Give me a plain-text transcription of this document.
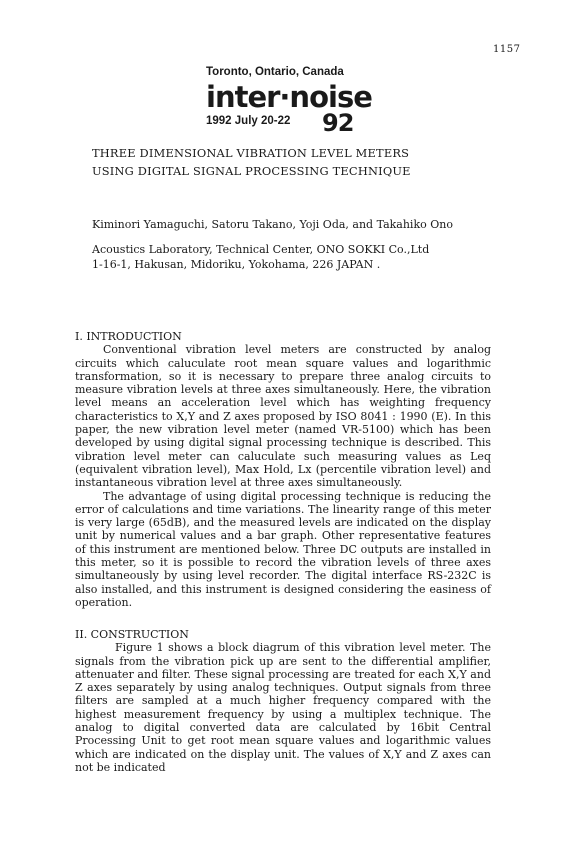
1157
Toronto, Ontario, Canada
inter·noise
1992 July 20-22 92
THREE DIMENSIONAL VIBRATION LEVEL METERS
USING DIGITAL SIGNAL PROCESSING TECHNIQUE
Kiminori Yamaguchi, Satoru Takano, Yoji Oda, and Takahiko Ono
Acoustics Laboratory, Technical Center, ONO SOKKI Co.,Ltd
1-16-1, Hakusan, Midoriku, Yokohama, 226 JAPAN .

I. INTRODUCTION

Conventional vibration level meters are constructed by analog circuits which caluculate root mean square values and logarithmic transformation, so it is necessary to prepare three analog circuits to measure vibration levels at three axes simultaneously. Here, the vibration level means an acceleration level which has weighting frequency characteristics to X,Y and Z axes proposed by ISO 8041 : 1990 (E). In this paper, the new vibration level meter (named VR-5100) which has been developed by using digital signal processing technique is described. This vibration level meter can caluculate such measuring values as Leq (equivalent vibration level), Max Hold, Lx (percentile vibration level) and instantaneous vibration level at three axes simultaneously.

The advantage of using digital processing technique is reducing the error of calculations and time variations. The linearity range of this meter is very large (65dB), and the measured levels are indicated on the display unit by numerical values and a bar graph. Other representative features of this instrument are mentioned below. Three DC outputs are installed in this meter, so it is possible to record the vibration levels of three axes simultaneously by using level recorder. The digital interface RS-232C is also installed, and this instrument is designed considering the easiness of operation.

II. CONSTRUCTION

Figure 1 shows a block diagrum of this vibration level meter. The signals from the vibration pick up are sent to the differential amplifier, attenuater and filter. These signal processing are treated for each X,Y and Z axes separately by using analog techniques. Output signals from three filters are sampled at a much higher frequency compared with the highest measurement frequency by using a multiplex technique. The analog to digital converted data are calculated by 16bit Central Processing Unit to get root mean square values and logarithmic values which are indicated on the display unit. The values of X,Y and Z axes can not be indicated
